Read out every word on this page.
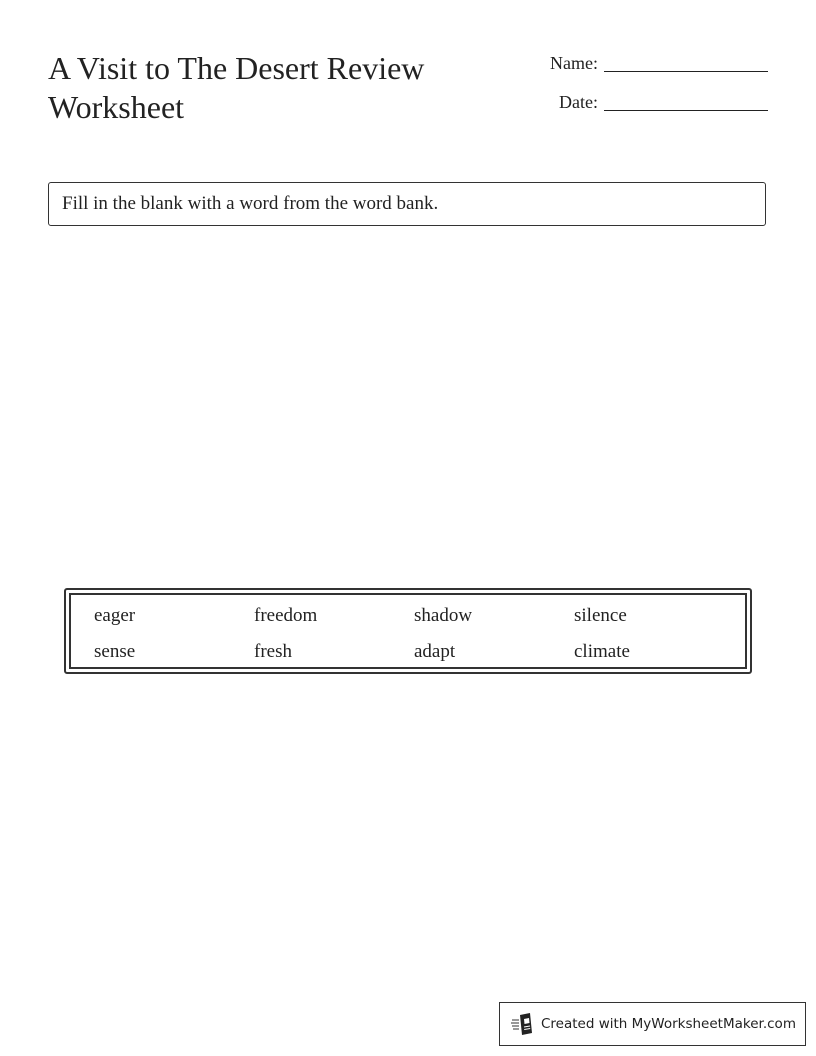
A Visit to The Desert Review Worksheet
Name:
Date:
Fill in the blank with a word from the word bank.
eager	freedom	shadow	silence
sense	fresh	adapt	climate
Created with MyWorksheetMaker.com
